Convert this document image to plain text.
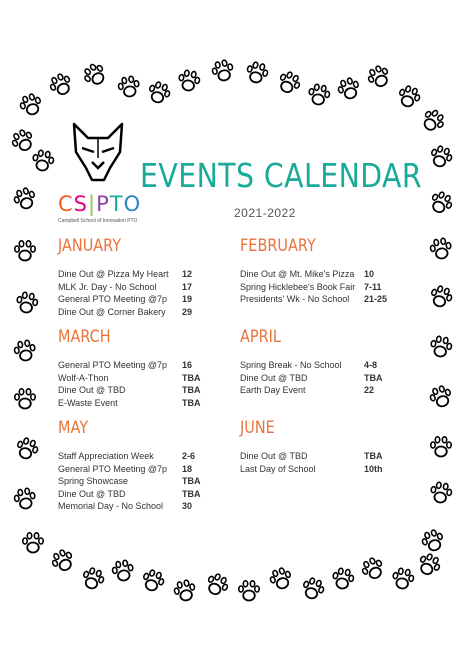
CS|PTO
Campbell School of Innovation PTO
EVENTS CALENDAR
2021-2022
JANUARY
Dine Out @ Pizza My Heart	12
MLK Jr. Day - No School	17
General PTO Meeting @7p	19
Dine Out @ Corner Bakery	29
FEBRUARY
Dine Out @ Mt. Mike's Pizza	10
Spring Hicklebee's Book Fair 7-11
Presidents' Wk - No School	21-25
MARCH
General PTO Meeting @7p	16
Wolf-A-Thon	TBA
Dine Out @ TBD	TBA
E-Waste Event	TBA
APRIL
Spring Break - No School	4-8
Dine Out @ TBD	TBA
Earth Day Event	22
MAY
Staff Appreciation Week	2-6
General PTO Meeting @7p	18
Spring Showcase	TBA
Dine Out @ TBD	TBA
Memorial Day - No School	30
JUNE
Dine Out @ TBD	TBA
Last Day of School	10th
